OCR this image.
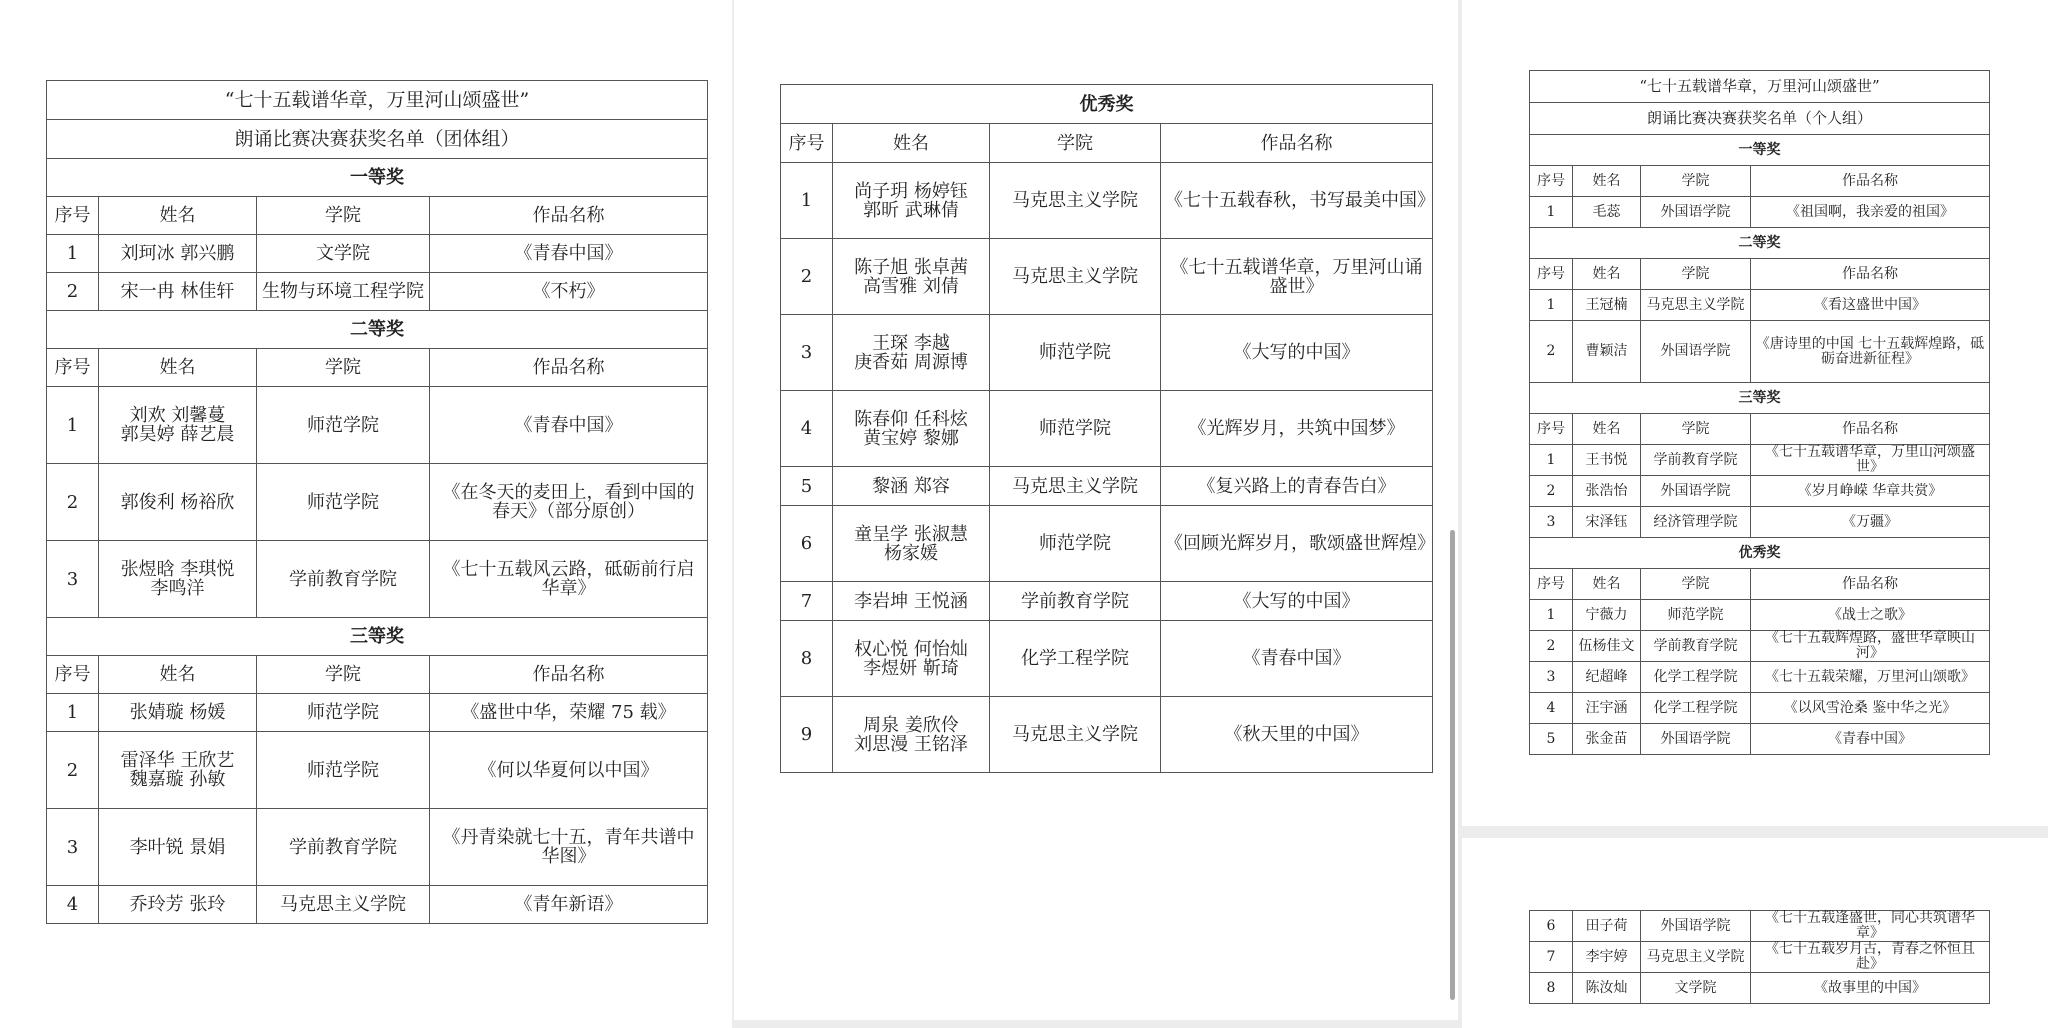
“七十五载谱华章，万里河山颂盛世”			
朗诵比赛决赛获奖名单（团体组）			
一等奖			
序号	姓名	学院	作品名称
1	刘珂冰 郭兴鹏	文学院	《青春中国》
2	宋一冉 林佳轩	生物与环境工程学院	《不朽》
二等奖			
序号	姓名	学院	作品名称
1	刘欢 刘馨蔓
郭昊婷 薛艺晨	师范学院	《青春中国》
2	郭俊利 杨裕欣	师范学院	《在冬天的麦田上，看到中国的春天》（部分原创）
3	张煜晗 李琪悦
李鸣洋	学前教育学院	《七十五载风云路，砥砺前行启华章》
三等奖			
序号	姓名	学院	作品名称
1	张婧璇 杨媛	师范学院	《盛世中华，荣耀 75 载》
2	雷泽华 王欣艺
魏嘉璇 孙敏	师范学院	《何以华夏何以中国》
3	李叶锐 景娟	学前教育学院	《丹青染就七十五，青年共谱中华图》
4	乔玲芳 张玲	马克思主义学院	《青年新语》
优秀奖			
序号	姓名	学院	作品名称
1	尚子玥 杨婷钰
郭昕 武琳倩	马克思主义学院	《七十五载春秋，书写最美中国》
2	陈子旭 张卓茜
高雪雅 刘倩	马克思主义学院	《七十五载谱华章，万里河山诵盛世》
3	王琛 李越
庚香茹 周源博	师范学院	《大写的中国》
4	陈春仰 任科炫
黄宝婷 黎娜	师范学院	《光辉岁月，共筑中国梦》
5	黎涵 郑容	马克思主义学院	《复兴路上的青春告白》
6	童呈学 张淑慧
杨家媛	师范学院	《回顾光辉岁月，歌颂盛世辉煌》
7	李岩坤 王悦涵	学前教育学院	《大写的中国》
8	权心悦 何怡灿
李煜妍 靳琦	化学工程学院	《青春中国》
9	周泉 姜欣伶
刘思漫 王铭泽	马克思主义学院	《秋天里的中国》
“七十五载谱华章，万里河山颂盛世”			
朗诵比赛决赛获奖名单（个人组）			
一等奖			
序号	姓名	学院	作品名称
1	毛蕊	外国语学院	《祖国啊，我亲爱的祖国》
二等奖			
序号	姓名	学院	作品名称
1	王冠楠	马克思主义学院	《看这盛世中国》
2	曹颖洁	外国语学院	《唐诗里的中国 七十五载辉煌路，砥砺奋进新征程》
三等奖			
序号	姓名	学院	作品名称
1	王书悦	学前教育学院	《七十五载谱华章，万里山河颂盛世》
2	张浩怡	外国语学院	《岁月峥嵘 华章共赏》
3	宋泽钰	经济管理学院	《万疆》
优秀奖			
序号	姓名	学院	作品名称
1	宁薇力	师范学院	《战士之歌》
2	伍杨佳文	学前教育学院	《七十五载辉煌路，盛世华章映山河》
3	纪超峰	化学工程学院	《七十五载荣耀，万里河山颂歌》
4	汪宇涵	化学工程学院	《以风雪沧桑 鉴中华之光》
5	张金苗	外国语学院	《青春中国》
6	田子荷	外国语学院	《七十五载逢盛世，同心共筑谱华章》
7	李宇婷	马克思主义学院	《七十五载岁月古，青春之怀恒且赴》
8	陈汝灿	文学院	《故事里的中国》
